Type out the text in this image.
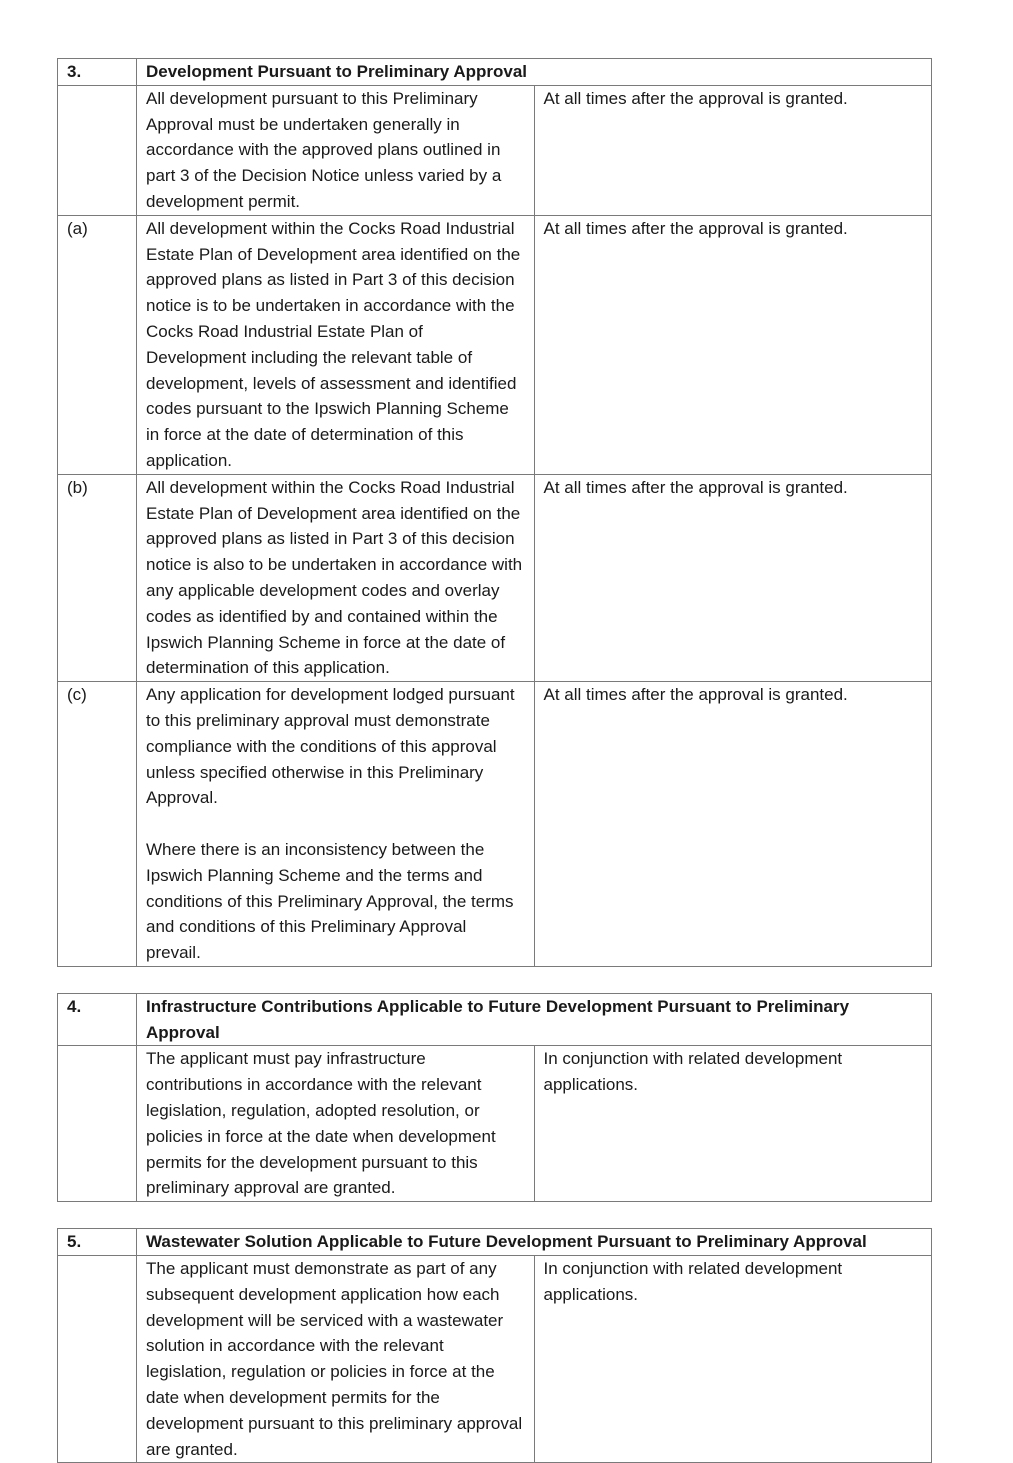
3.	Development Pursuant to Preliminary Approval	
	All development pursuant to this Preliminary Approval must be undertaken generally in accordance with the approved plans outlined in part 3 of the Decision Notice unless varied by a development permit.	At all times after the approval is granted.
(a)	All development within the Cocks Road Industrial Estate Plan of Development area identified on the approved plans as listed in Part 3 of this decision notice is to be undertaken in accordance with the Cocks Road Industrial Estate Plan of Development including the relevant table of development, levels of assessment and identified codes pursuant to the Ipswich Planning Scheme in force at the date of determination of this application.	At all times after the approval is granted.
(b)	All development within the Cocks Road Industrial Estate Plan of Development area identified on the approved plans as listed in Part 3 of this decision notice is also to be undertaken in accordance with any applicable development codes and overlay codes as identified by and contained within the Ipswich Planning Scheme in force at the date of determination of this application.	At all times after the approval is granted.
(c)	Any application for development lodged pursuant to this preliminary approval must demonstrate compliance with the conditions of this approval unless specified otherwise in this Preliminary Approval.

Where there is an inconsistency between the Ipswich Planning Scheme and the terms and conditions of this Preliminary Approval, the terms and conditions of this Preliminary Approval prevail.	At all times after the approval is granted.
4.	Infrastructure Contributions Applicable to Future Development Pursuant to Preliminary Approval	
	The applicant must pay infrastructure contributions in accordance with the relevant legislation, regulation, adopted resolution, or policies in force at the date when development permits for the development pursuant to this preliminary approval are granted.	In conjunction with related development applications.
5.	Wastewater Solution Applicable to Future Development Pursuant to Preliminary Approval	
	The applicant must demonstrate as part of any subsequent development application how each development will be serviced with a wastewater solution in accordance with the relevant legislation, regulation or policies in force at the date when development permits for the development pursuant to this preliminary approval are granted.	In conjunction with related development applications.
